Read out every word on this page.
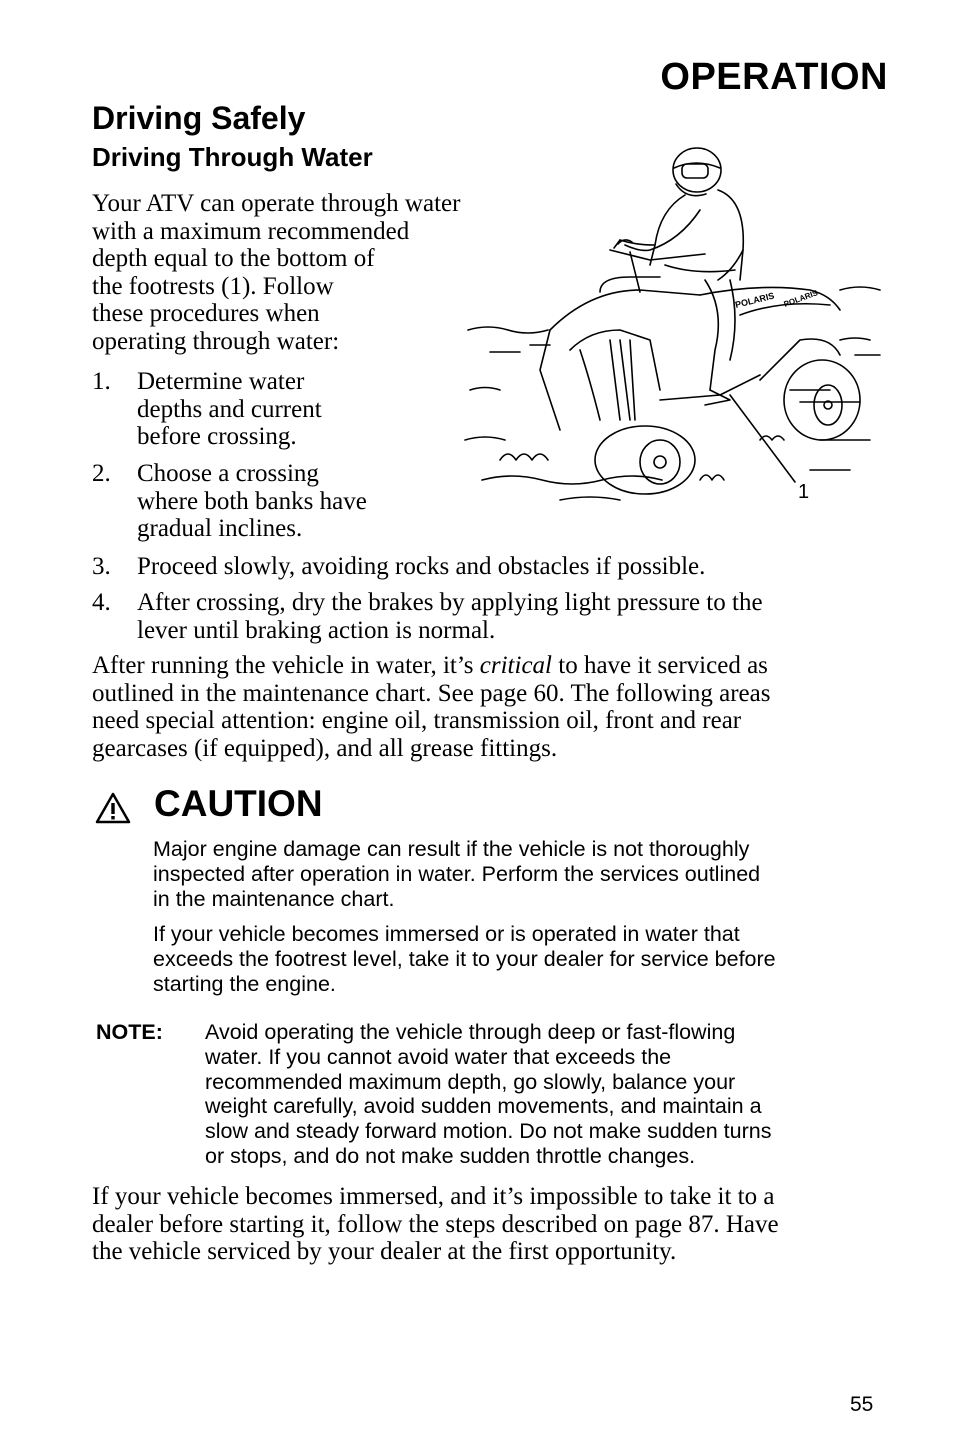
OPERATION
Driving Safely
Driving Through Water
Your ATV can operate through water
with a maximum recommended
depth equal to the bottom of
the footrests (1). Follow
these procedures when
operating through water:
1. Determine water
depths and current
before crossing.
2. Choose a crossing
where both banks have
gradual inclines.
3. Proceed slowly, avoiding rocks and obstacles if possible.
4. After crossing, dry the brakes by applying light pressure to the
lever until braking action is normal.
After running the vehicle in water, it’s critical to have it serviced as
outlined in the maintenance chart. See page 60. The following areas
need special attention: engine oil, transmission oil, front and rear
gearcases (if equipped), and all grease fittings.
CAUTION
Major engine damage can result if the vehicle is not thoroughly
inspected after operation in water. Perform the services outlined
in the maintenance chart.
If your vehicle becomes immersed or is operated in water that
exceeds the footrest level, take it to your dealer for service before
starting the engine.
NOTE: Avoid operating the vehicle through deep or fast-flowing
water. If you cannot avoid water that exceeds the
recommended maximum depth, go slowly, balance your
weight carefully, avoid sudden movements, and maintain a
slow and steady forward motion. Do not make sudden turns
or stops, and do not make sudden throttle changes.
If your vehicle becomes immersed, and it’s impossible to take it to a
dealer before starting it, follow the steps described on page 87. Have
the vehicle serviced by your dealer at the first opportunity.
POLARIS POLARIS
1
55
